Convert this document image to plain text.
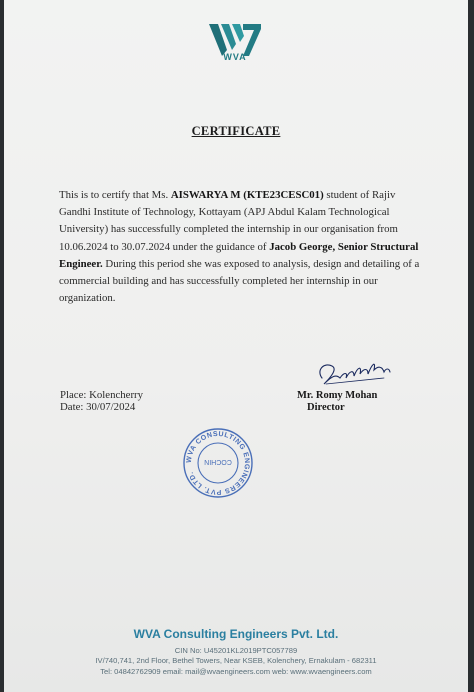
WVA
CERTIFICATE
This is to certify that Ms. AISWARYA M (KTE23CESC01) student of Rajiv Gandhi Institute of Technology, Kottayam (APJ Abdul Kalam Technological University) has successfully completed the internship in our organisation from 10.06.2024 to 30.07.2024 under the guidance of Jacob George, Senior Structural Engineer. During this period she was exposed to analysis, design and detailing of a commercial building and has successfully completed her internship in our organization.
Place: Kolencherry
Date: 30/07/2024
Mr. Romy Mohan
Director
WVA CONSULTING ENGINEERS PVT. LTD.
COCHIN
WVA Consulting Engineers Pvt. Ltd.
CIN No: U45201KL2019PTC057789
IV/740,741, 2nd Floor, Bethel Towers, Near KSEB, Kolenchery, Ernakulam - 682311
Tel: 04842762909 email: mail@wvaengineers.com web: www.wvaengineers.com
